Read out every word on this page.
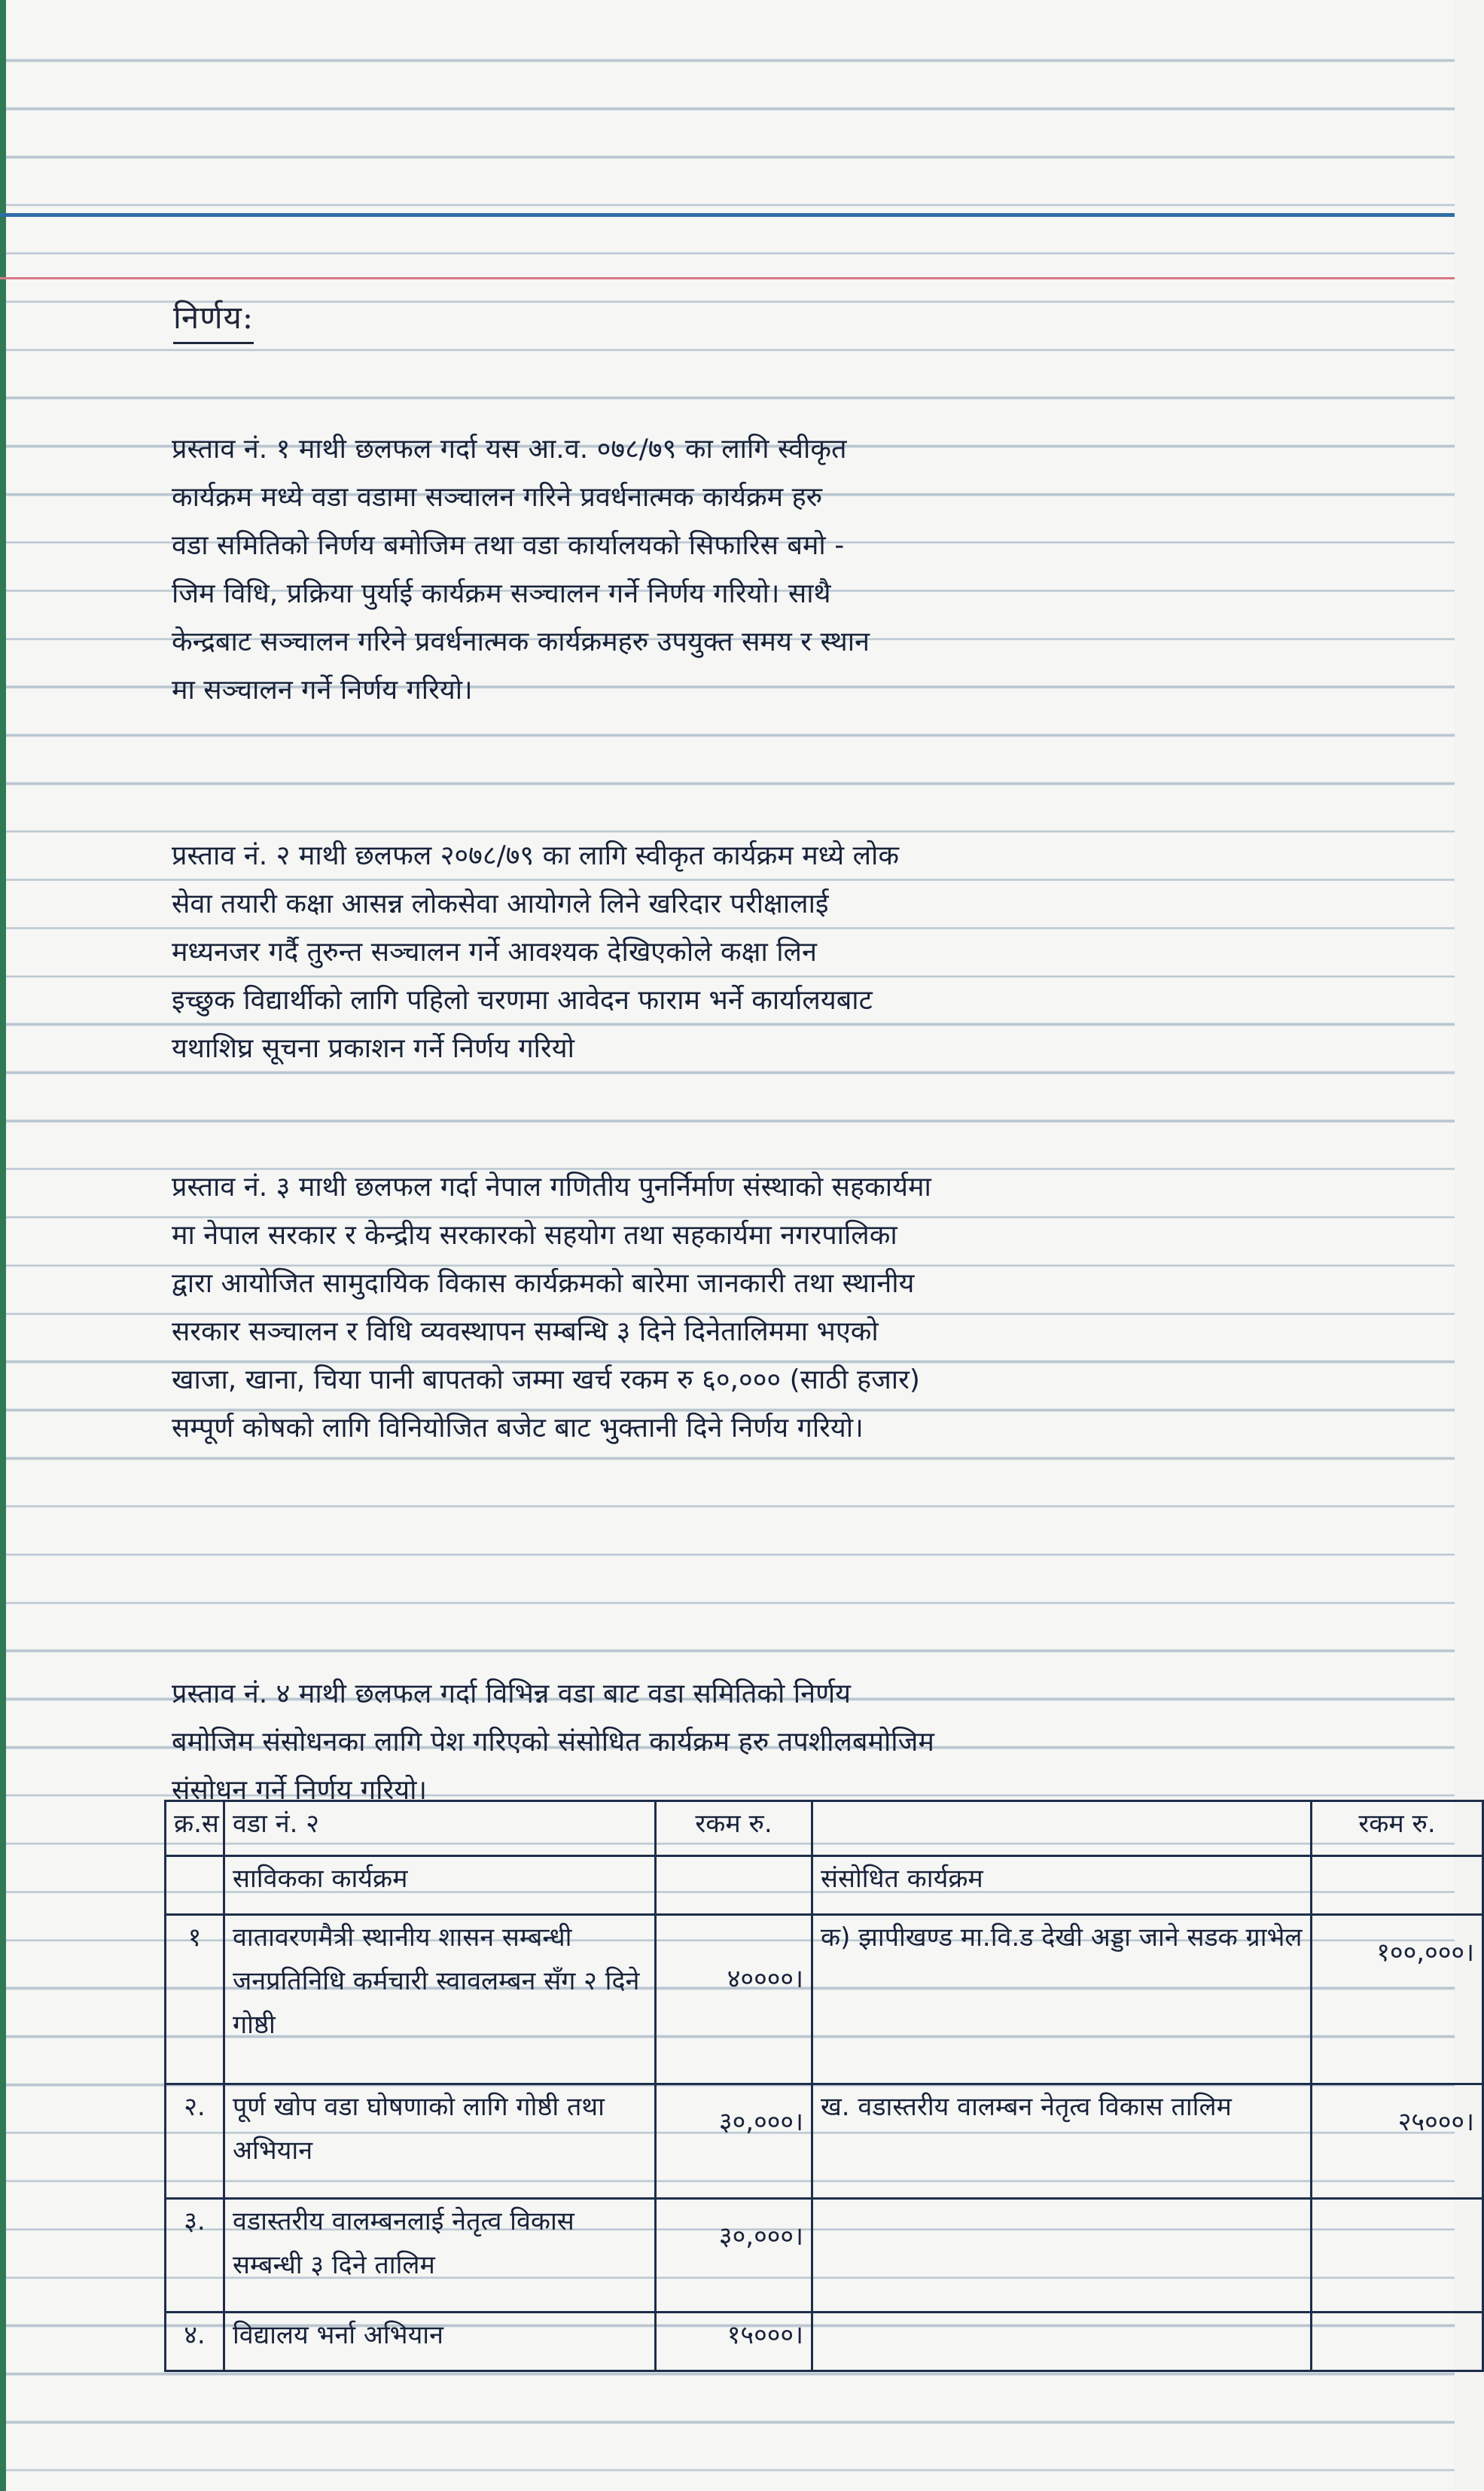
निर्णय:
प्रस्ताव नं. १ माथी छलफल गर्दा यस आ.व. ०७८/७९ का लागि स्वीकृत
कार्यक्रम मध्ये वडा वडामा सञ्चालन गरिने प्रवर्धनात्मक कार्यक्रम हरु
वडा समितिको निर्णय बमोजिम तथा वडा कार्यालयको सिफारिस बमो -
जिम विधि, प्रक्रिया पुर्याई कार्यक्रम सञ्चालन गर्ने निर्णय गरियो। साथै
केन्द्रबाट सञ्चालन गरिने प्रवर्धनात्मक कार्यक्रमहरु उपयुक्त समय र स्थान
मा सञ्चालन गर्ने निर्णय गरियो।
प्रस्ताव नं. २ माथी छलफल २०७८/७९ का लागि स्वीकृत कार्यक्रम मध्ये लोक
सेवा तयारी कक्षा आसन्न लोकसेवा आयोगले लिने खरिदार परीक्षालाई
मध्यनजर गर्दै तुरुन्त सञ्चालन गर्ने आवश्यक देखिएकोले कक्षा लिन
इच्छुक विद्यार्थीको लागि पहिलो चरणमा आवेदन फाराम भर्ने कार्यालयबाट
यथाशिघ्र सूचना प्रकाशन गर्ने निर्णय गरियो
प्रस्ताव नं. ३ माथी छलफल गर्दा नेपाल गणितीय पुनर्निर्माण संस्थाको सहकार्यमा
मा नेपाल सरकार र केन्द्रीय सरकारको सहयोग तथा सहकार्यमा नगरपालिका
द्वारा आयोजित सामुदायिक विकास कार्यक्रमको बारेमा जानकारी तथा स्थानीय
सरकार सञ्चालन र विधि व्यवस्थापन सम्बन्धि ३ दिने दिनेतालिममा भएको
खाजा, खाना, चिया पानी बापतको जम्मा खर्च रकम रु ६०,००० (साठी हजार)
सम्पूर्ण कोषको लागि विनियोजित बजेट बाट भुक्तानी दिने निर्णय गरियो।
प्रस्ताव नं. ४ माथी छलफल गर्दा विभिन्न वडा बाट वडा समितिको निर्णय
बमोजिम संसोधनका लागि पेश गरिएको संसोधित कार्यक्रम हरु तपशीलबमोजिम
संसोधन गर्ने निर्णय गरियो।
क्र.स	वडा नं. २	रकम रु.		रकम रु.
	साविकका कार्यक्रम		संसोधित कार्यक्रम	
१	वातावरणमैत्री स्थानीय शासन सम्बन्धी जनप्रतिनिधि कर्मचारी स्वावलम्बन सँग २ दिने गोष्ठी	४००००।	क) झापीखण्ड मा.वि.ड देखी अड्डा जाने सडक ग्राभेल	१००,०००।

२.	पूर्ण खोप वडा घोषणाको लागि गोष्ठी तथा अभियान	३०,०००।	ख. वडास्तरीय वालम्बन नेतृत्व विकास तालिम	२५०००।

३.	वडास्तरीय वालम्बनलाई नेतृत्व विकास सम्बन्धी ३ दिने तालिम	३०,०००।		

४.	विद्यालय भर्ना अभियान	१५०००।		
